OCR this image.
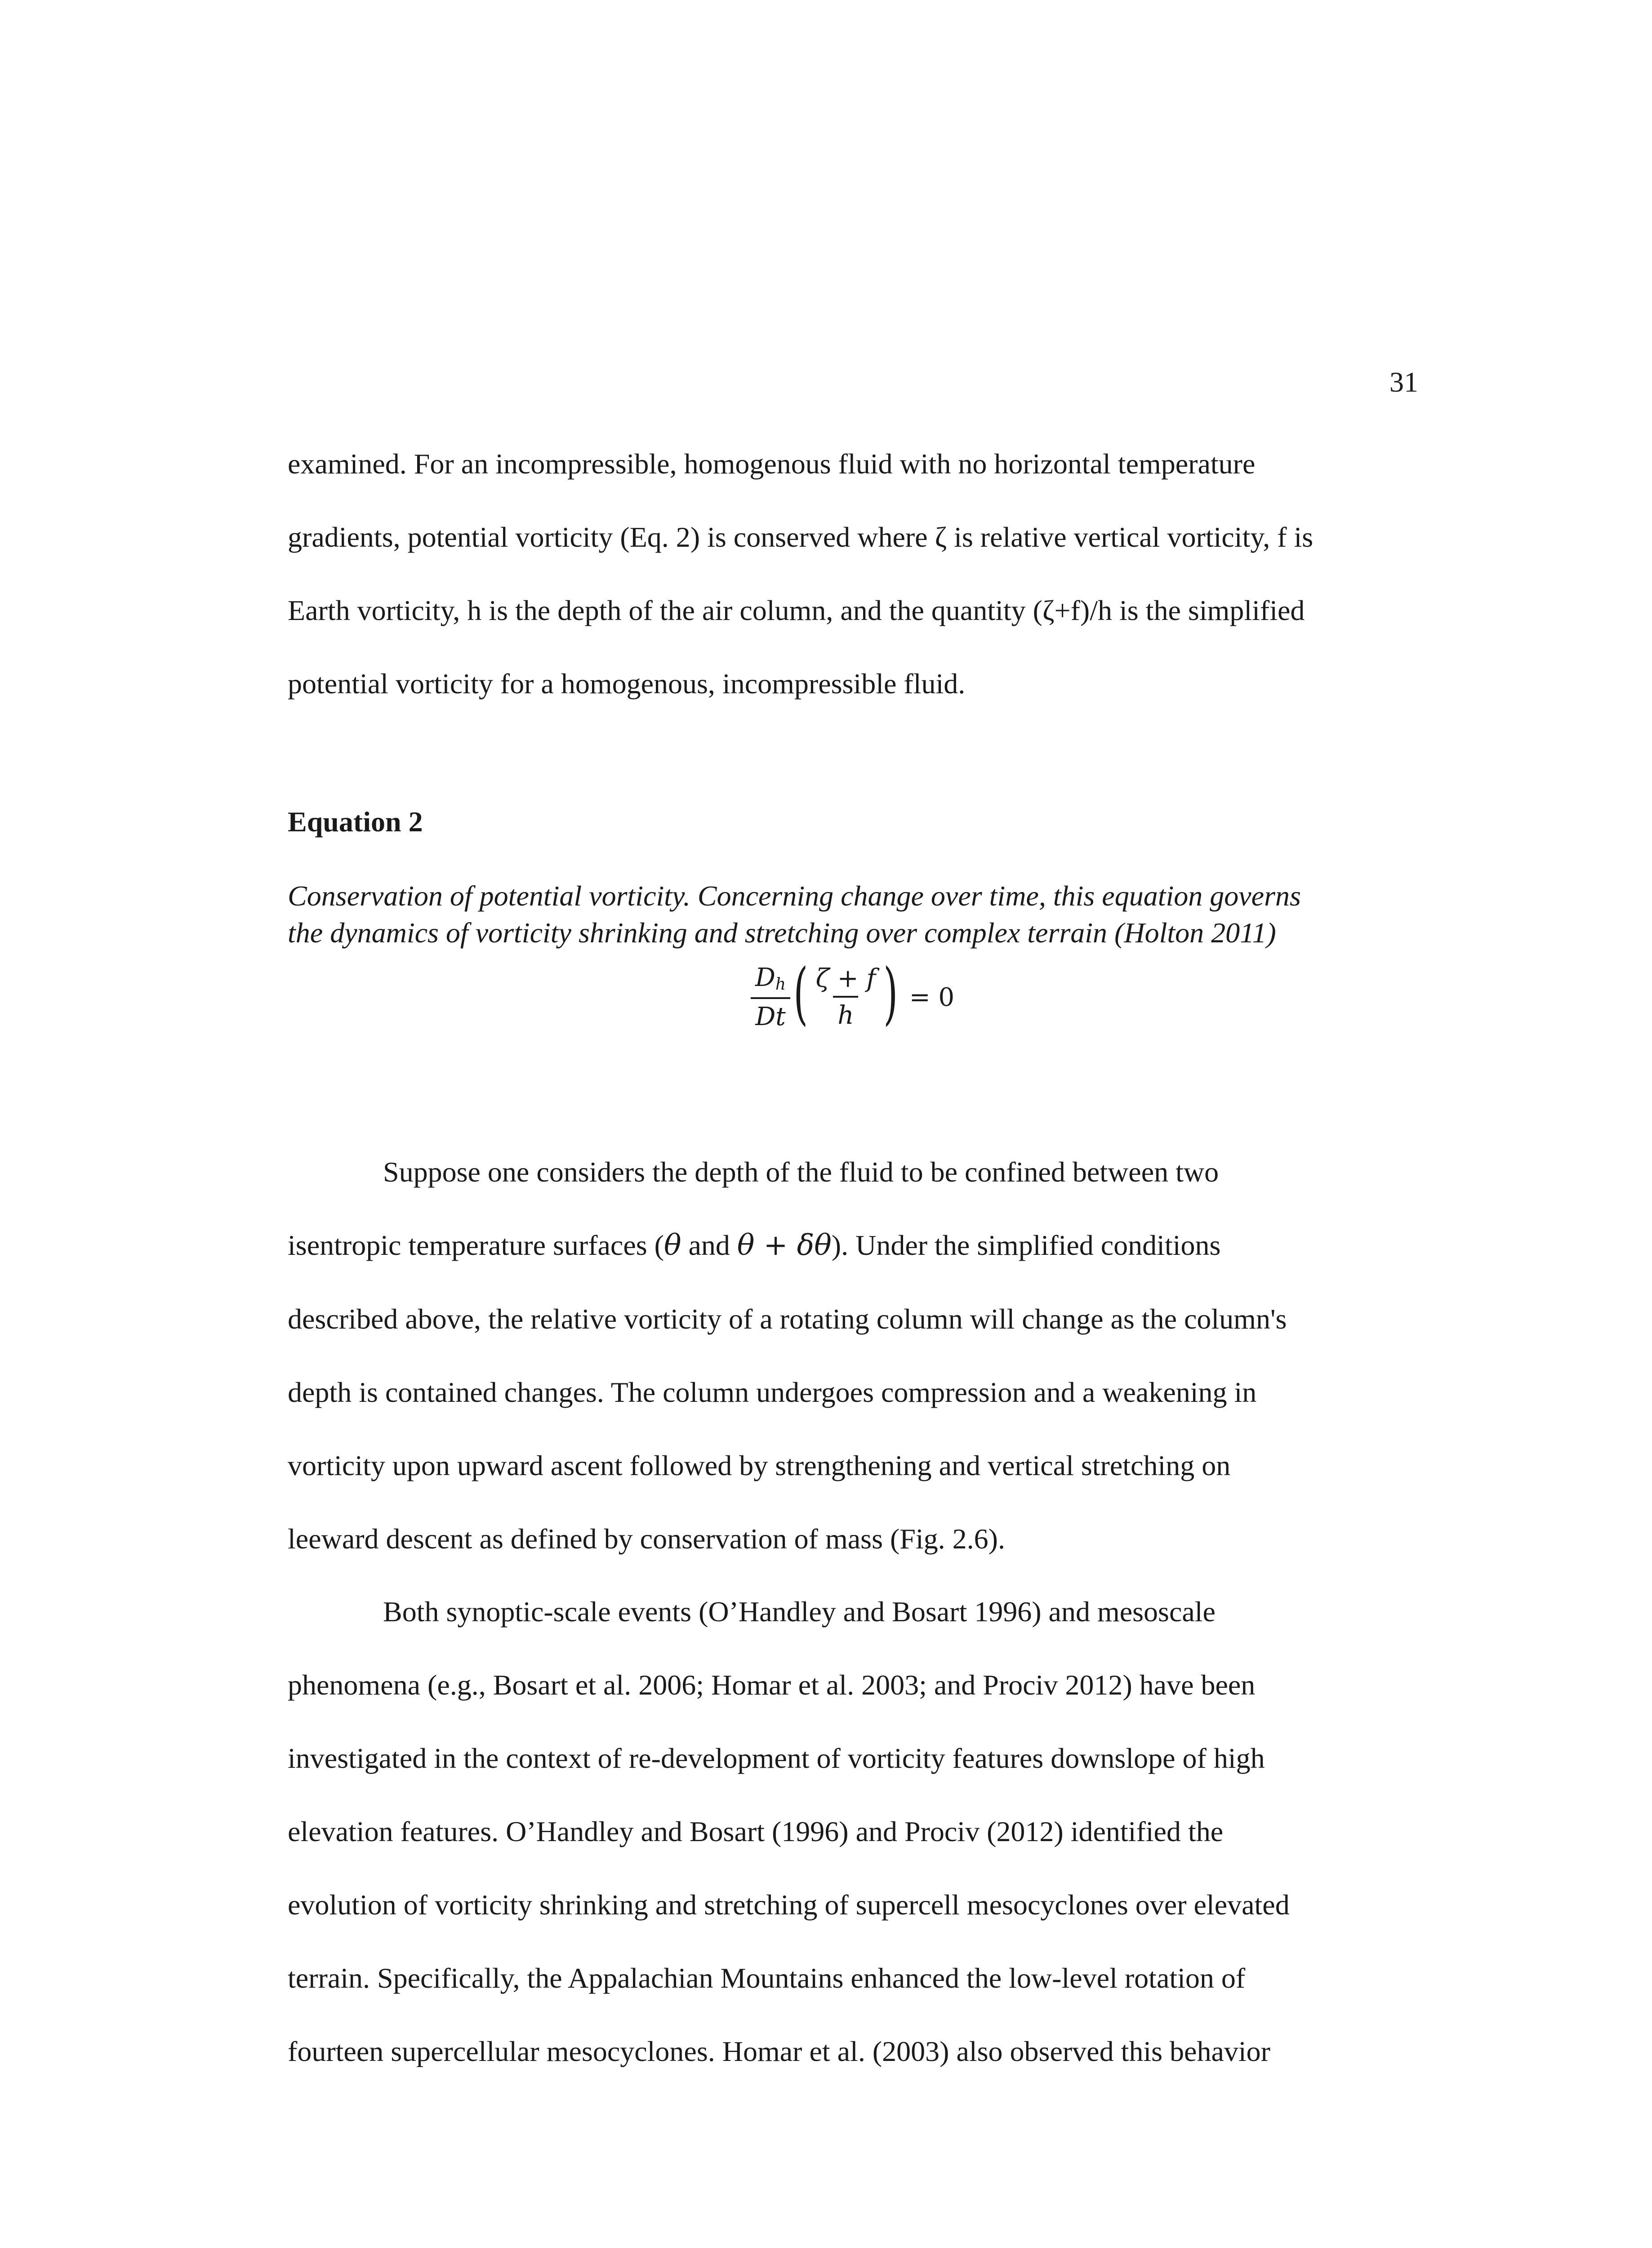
31
examined. For an incompressible, homogenous fluid with no horizontal temperature
gradients, potential vorticity (Eq. 2) is conserved where ζ is relative vertical vorticity, f is
Earth vorticity, h is the depth of the air column, and the quantity (ζ+f)/h is the simplified
potential vorticity for a homogenous, incompressible fluid.
Equation 2
Conservation of potential vorticity. Concerning change over time, this equation governs
the dynamics of vorticity shrinking and stretching over complex terrain (Holton 2011)
$\frac{D_h}{Dt}$ ( $\frac{\zeta + f}{h}$ ) = 0
Suppose one considers the depth of the fluid to be confined between two
isentropic temperature surfaces (θ and θ + δθ). Under the simplified conditions
described above, the relative vorticity of a rotating column will change as the column's
depth is contained changes. The column undergoes compression and a weakening in
vorticity upon upward ascent followed by strengthening and vertical stretching on
leeward descent as defined by conservation of mass (Fig. 2.6).
Both synoptic-scale events (O’Handley and Bosart 1996) and mesoscale
phenomena (e.g., Bosart et al. 2006; Homar et al. 2003; and Prociv 2012) have been
investigated in the context of re-development of vorticity features downslope of high
elevation features. O’Handley and Bosart (1996) and Prociv (2012) identified the
evolution of vorticity shrinking and stretching of supercell mesocyclones over elevated
terrain. Specifically, the Appalachian Mountains enhanced the low-level rotation of
fourteen supercellular mesocyclones. Homar et al. (2003) also observed this behavior
